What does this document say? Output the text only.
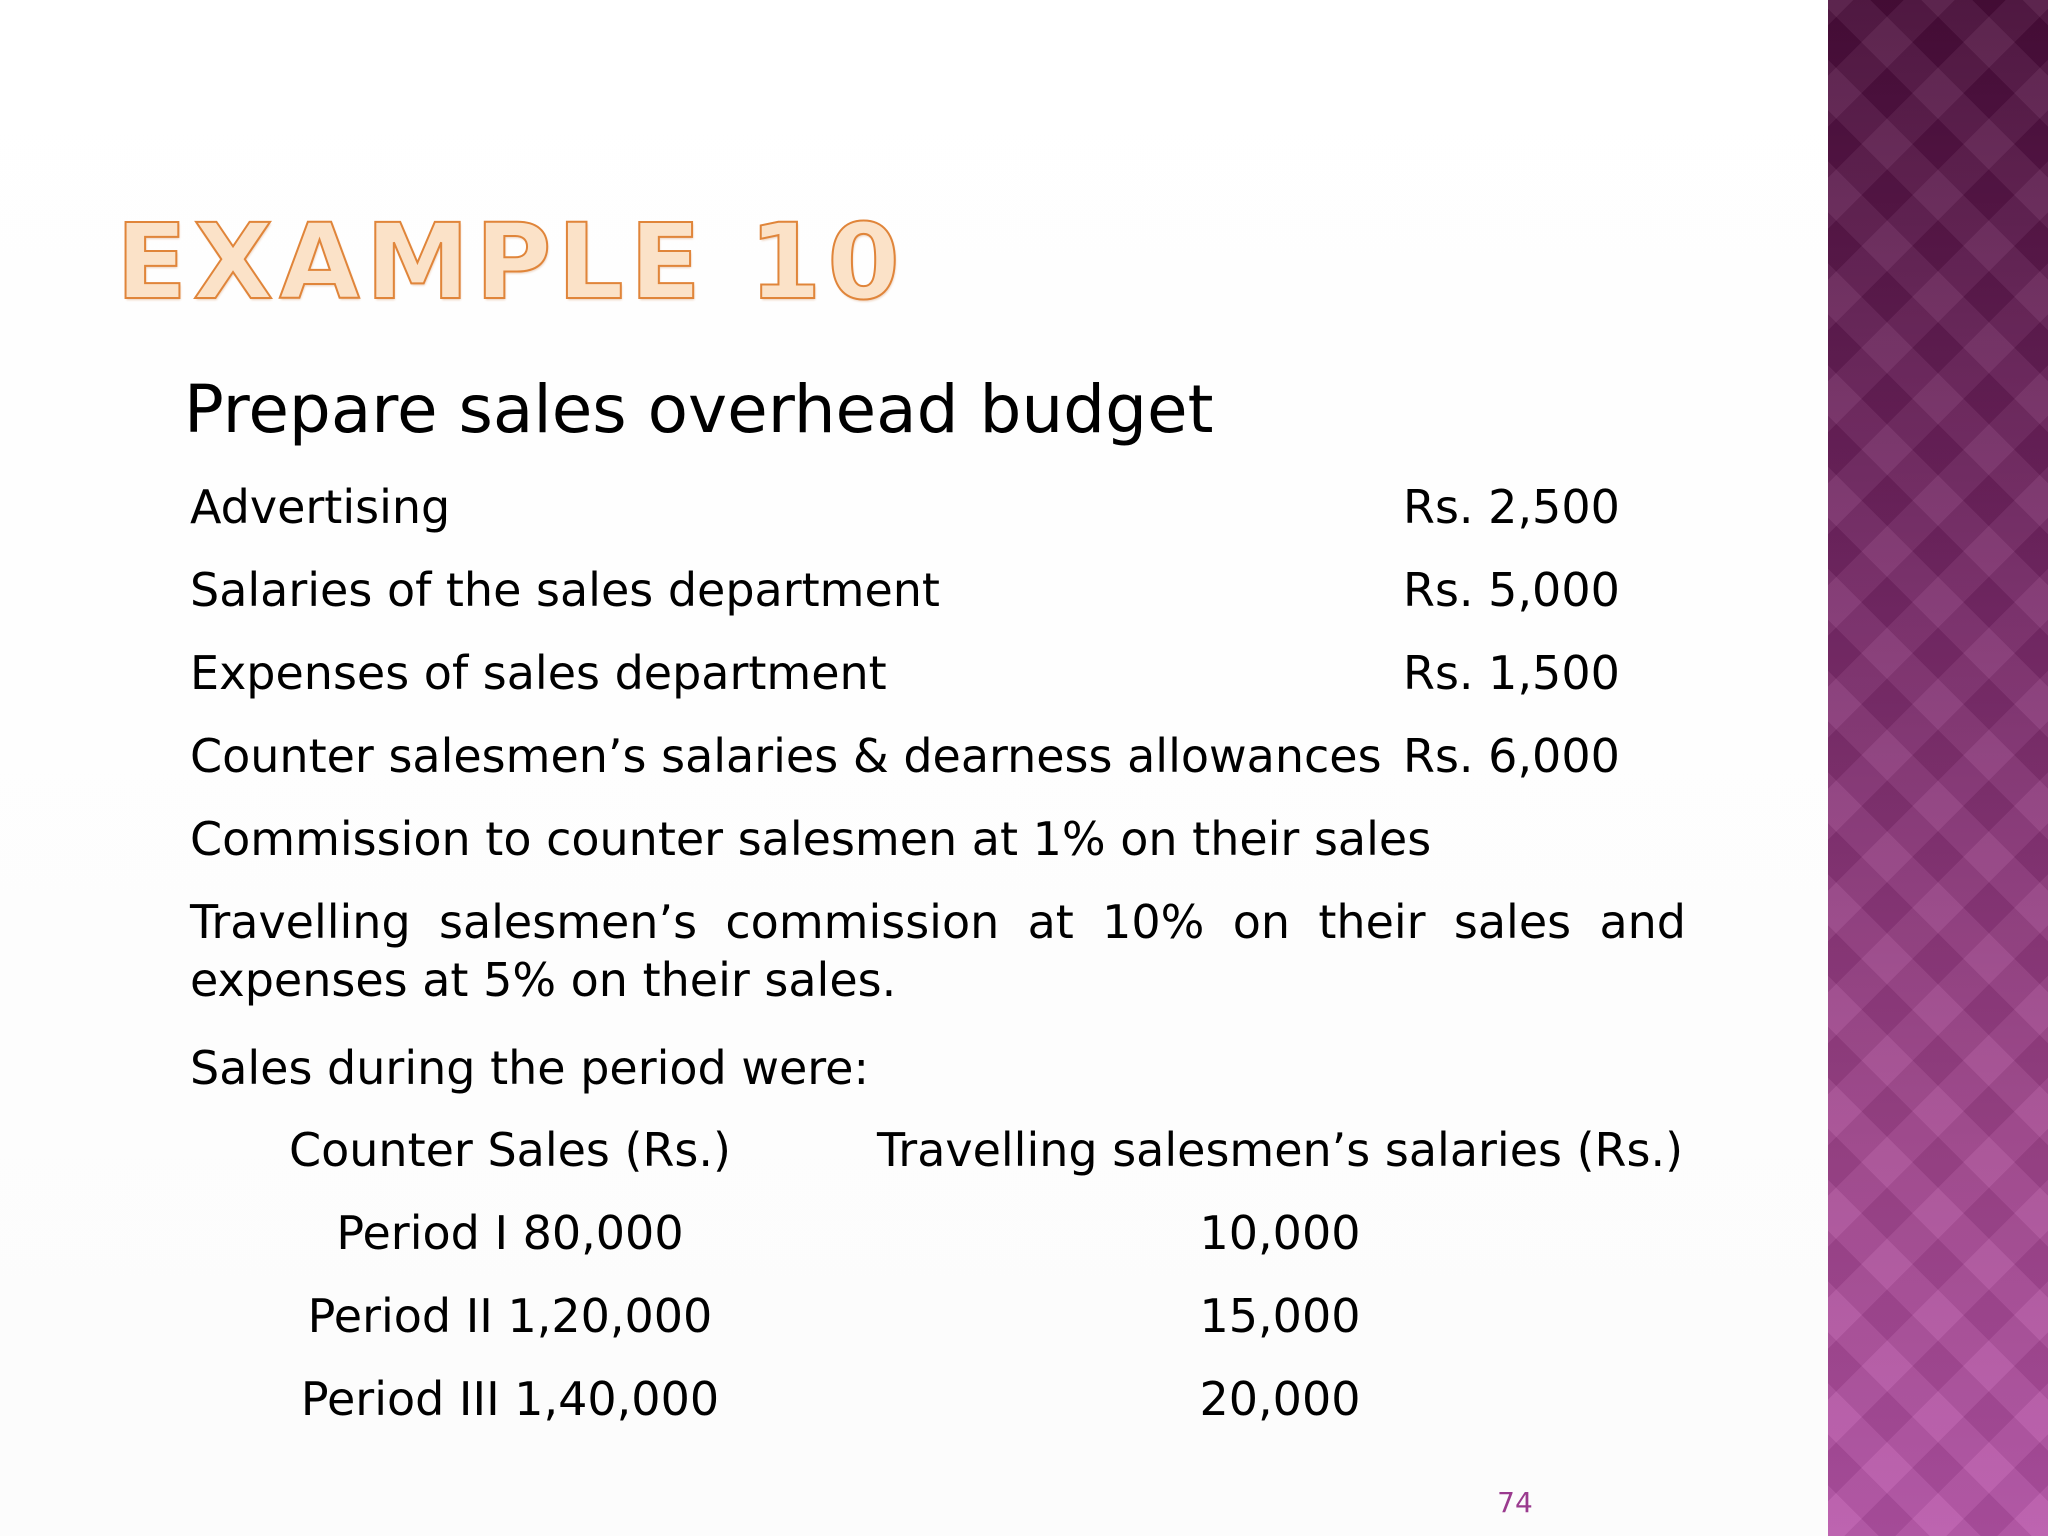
EXAMPLE 10
Prepare sales overhead budget
Advertising	Rs. 2,500
Salaries of the sales department	Rs. 5,000
Expenses of sales department	Rs. 1,500
Counter salesmen’s salaries & dearness allowances Rs. 6,000
Commission to counter salesmen at 1% on their sales
Travelling salesmen’s commission at 10% on their sales and expenses at 5% on their sales.
Sales during the period were:
Counter Sales (Rs.)	Travelling salesmen’s salaries (Rs.)
Period I 80,000	10,000
Period II 1,20,000	15,000
Period III 1,40,000	20,000
74
